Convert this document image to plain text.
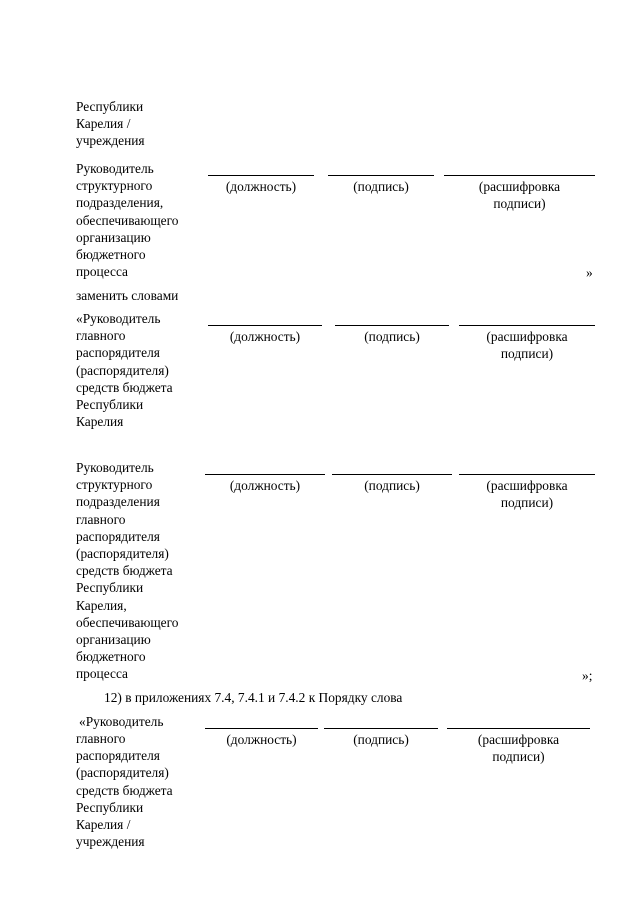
Республики
Карелия /
учреждения
Руководитель
структурного
подразделения,
обеспечивающего
организацию
бюджетного
процесса
(должность)	(подпись)	(расшифровка
подписи)
»
заменить словами
«Руководитель
главного
распорядителя
(распорядителя)
средств бюджета
Республики
Карелия
(должность)	(подпись)	(расшифровка
подписи)
Руководитель
структурного
подразделения
главного
распорядителя
(распорядителя)
средств бюджета
Республики
Карелия,
обеспечивающего
организацию
бюджетного
процесса
(должность)	(подпись)	(расшифровка
подписи)
»;
12) в приложениях 7.4, 7.4.1 и 7.4.2 к Порядку слова
«Руководитель
главного
распорядителя
(распорядителя)
средств бюджета
Республики
Карелия /
учреждения
(должность)	(подпись)	(расшифровка
подписи)
